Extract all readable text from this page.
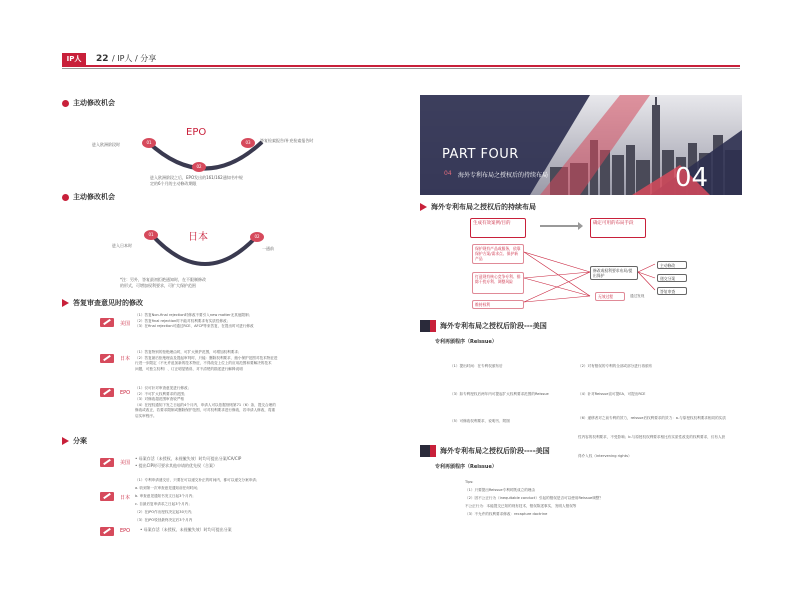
IP人	22 / IP人 / 分享
主动修改机会
EPO
01
02
03
进入欧洲阶段时
答复检索报告/补充检索报告时
进入欧洲阶段之后，EPO发出的161/162通知书中规
定的6个月的主动修改期限
主动修改机会
日本
01	02
进入日本时
一通前
*注：另外，答复最初拒绝通知时，在不限制修改
的形式，可增加权利要求，可扩大保护范围
答复审查意见时的修改
美国
（1）答复Non-final rejection时修改不要引入new matter无其他限制；
（2）答复final rejection时不能对权利要求有实质性修改；
（3）在final rejection可通过RCE、AFCP等来答复，在提出时可进行修改
日本
（1）答复特别的拒绝理由时，可扩大保护范围，可增加权利要求；
（2）答复最后拒绝理由及提起审判时，只能：删除权利要求、缩小保护范围对技术特征进
行进一步限定（不允许追加新的技术特征，不得改变上位上的应用范围和要解决的技术
问题，可独立权利）、订正明显错误、对不清楚的描述进行解释说明
EPO
（1）仅可针对审查意见进行修改；
（2）不可扩大权利要求的范围；
（3）对修改超范围审查较严格
（4）在授权通知下发之日起的4个月内，申请人可以依据细则第71（6）条，提交合理的
修改或改正，若要求限制或删除保护范围，可对权利要求进行修改，若申请人修改，将重
启实审程序。
分案
美国
• 母案存活（未授权、未视撤失效）时均可提出分案/CA/CIP
• 提出CIP时可要求其他申请的优先权（合案）
日本
（1）专利申请递交后，只要在可以递交补正的时间内，都可以递交分案申请；
a. 收到第一次审查意见通知前任何时间；
b. 审查意见通知书发文日起3个月内；
c. 自最后复审请求之日起3个月内；
（2）在JPO作出授权决定起30天内；
（3）在JPO驳回最终决定后3个月内
EPO • 母案存活（未授权、未视撤失效）时均可提出分案
PART FOUR
04 海外专利布局之授权后的持续布局	04
海外专利布局之授权后的持续布局
生成有效案例/目的	确定可用的布局手段
保护现有产品或服务，依靠保护方案/需求点、保护新产品
打造现有核心竞争专利、排除干扰专利、调整风险
维持权利
修改或权利要求布局/提出保护
无效过程	通过发现
主动修改
递交分案
答复审查
海外专利布局之授权后阶段---美国
专利再颁程序（Reissue）
（1）提出时间：在专利权颁布后	（2）对有错误的专利的全部或部分进行再颁布
（3）如专利授权后两年内可提起扩大权利要求范围的Reissue	（4）针对Reissue宣可提EA、可提出RCE
（5）可修改权利要求、说明书、附图
（6）递移者对之前专利的效力，reissue后权利要求的效力：a.与原授权权利要求相同的实质性内容的权利要求，不受影响；b.与原授权权利要求相比有实质性改变的权利要求，仅有人获得介入权（intervening rights）
海外专利布局之授权后阶段----美国
专利再颁程序（Reissue）
Tips:
（1）只要提出Reissue专利时既成立的理由
（2）因不公正行为（inequitable conduct）引起的错误是否可以使用Reissue调整？
不公正行为：本能提交已知的现有技术，错误陈述事实，发明人错误等
（3）不允许的权利要求修改：recapture doctrine
